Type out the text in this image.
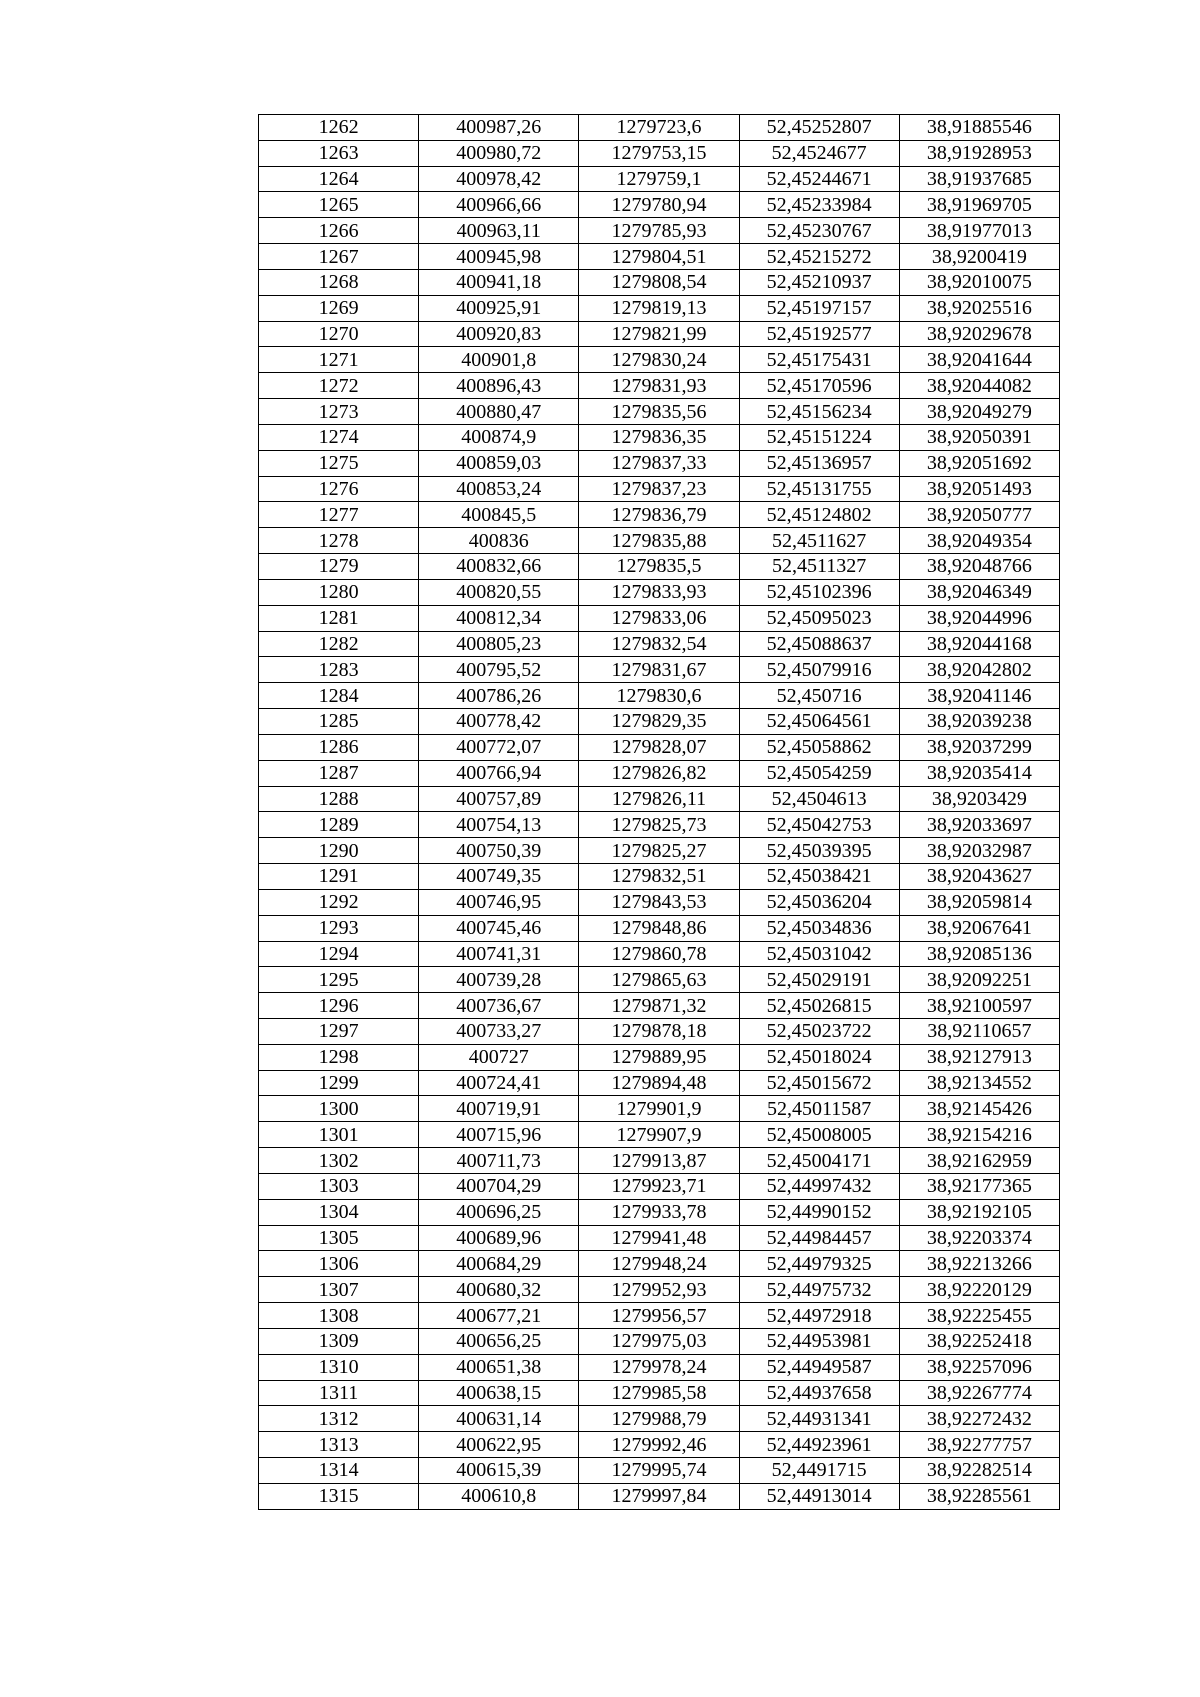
1262	400987,26	1279723,6	52,45252807	38,91885546
1263	400980,72	1279753,15	52,4524677	38,91928953
1264	400978,42	1279759,1	52,45244671	38,91937685
1265	400966,66	1279780,94	52,45233984	38,91969705
1266	400963,11	1279785,93	52,45230767	38,91977013
1267	400945,98	1279804,51	52,45215272	38,9200419
1268	400941,18	1279808,54	52,45210937	38,92010075
1269	400925,91	1279819,13	52,45197157	38,92025516
1270	400920,83	1279821,99	52,45192577	38,92029678
1271	400901,8	1279830,24	52,45175431	38,92041644
1272	400896,43	1279831,93	52,45170596	38,92044082
1273	400880,47	1279835,56	52,45156234	38,92049279
1274	400874,9	1279836,35	52,45151224	38,92050391
1275	400859,03	1279837,33	52,45136957	38,92051692
1276	400853,24	1279837,23	52,45131755	38,92051493
1277	400845,5	1279836,79	52,45124802	38,92050777
1278	400836	1279835,88	52,4511627	38,92049354
1279	400832,66	1279835,5	52,4511327	38,92048766
1280	400820,55	1279833,93	52,45102396	38,92046349
1281	400812,34	1279833,06	52,45095023	38,92044996
1282	400805,23	1279832,54	52,45088637	38,92044168
1283	400795,52	1279831,67	52,45079916	38,92042802
1284	400786,26	1279830,6	52,450716	38,92041146
1285	400778,42	1279829,35	52,45064561	38,92039238
1286	400772,07	1279828,07	52,45058862	38,92037299
1287	400766,94	1279826,82	52,45054259	38,92035414
1288	400757,89	1279826,11	52,4504613	38,9203429
1289	400754,13	1279825,73	52,45042753	38,92033697
1290	400750,39	1279825,27	52,45039395	38,92032987
1291	400749,35	1279832,51	52,45038421	38,92043627
1292	400746,95	1279843,53	52,45036204	38,92059814
1293	400745,46	1279848,86	52,45034836	38,92067641
1294	400741,31	1279860,78	52,45031042	38,92085136
1295	400739,28	1279865,63	52,45029191	38,92092251
1296	400736,67	1279871,32	52,45026815	38,92100597
1297	400733,27	1279878,18	52,45023722	38,92110657
1298	400727	1279889,95	52,45018024	38,92127913
1299	400724,41	1279894,48	52,45015672	38,92134552
1300	400719,91	1279901,9	52,45011587	38,92145426
1301	400715,96	1279907,9	52,45008005	38,92154216
1302	400711,73	1279913,87	52,45004171	38,92162959
1303	400704,29	1279923,71	52,44997432	38,92177365
1304	400696,25	1279933,78	52,44990152	38,92192105
1305	400689,96	1279941,48	52,44984457	38,92203374
1306	400684,29	1279948,24	52,44979325	38,92213266
1307	400680,32	1279952,93	52,44975732	38,92220129
1308	400677,21	1279956,57	52,44972918	38,92225455
1309	400656,25	1279975,03	52,44953981	38,92252418
1310	400651,38	1279978,24	52,44949587	38,92257096
1311	400638,15	1279985,58	52,44937658	38,92267774
1312	400631,14	1279988,79	52,44931341	38,92272432
1313	400622,95	1279992,46	52,44923961	38,92277757
1314	400615,39	1279995,74	52,4491715	38,92282514
1315	400610,8	1279997,84	52,44913014	38,92285561
